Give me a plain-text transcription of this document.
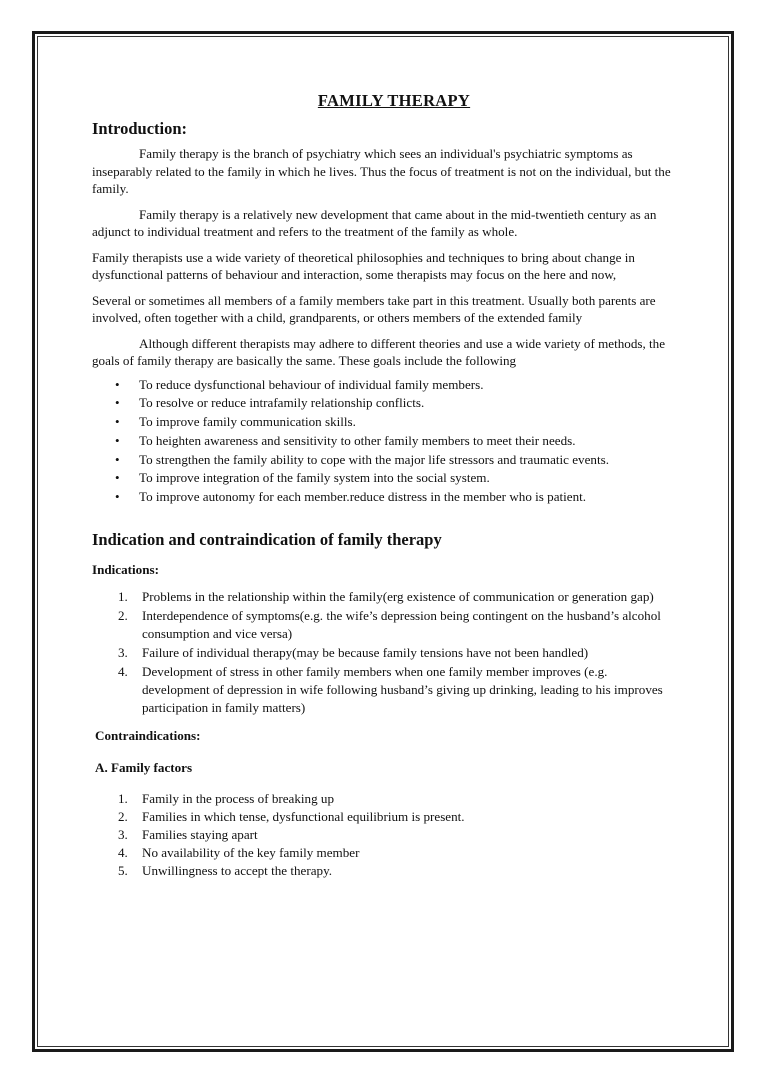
FAMILY THERAPY
Introduction:

Family therapy is the branch of psychiatry which sees an individual's psychiatric symptoms as inseparably related to the family in which he lives. Thus the focus of treatment is not on the individual, but the family.

Family therapy is a relatively new development that came about in the mid-twentieth century as an adjunct to individual treatment and refers to the treatment of the family as whole.

Family therapists use a wide variety of theoretical philosophies and techniques to bring about change in dysfunctional patterns of behaviour and interaction, some therapists may focus on the here and now,

Several or sometimes all members of a family members take part in this treatment. Usually both parents are involved, often together with a child, grandparents, or others members of the extended family

Although different therapists may adhere to different theories and use a wide variety of methods, the goals of family therapy are basically the same. These goals include the following

• To reduce dysfunctional behaviour of individual family members.
• To resolve or reduce intrafamily relationship conflicts.
• To improve family communication skills.
• To heighten awareness and sensitivity to other family members to meet their needs.
• To strengthen the family ability to cope with the major life stressors and traumatic events.
• To improve integration of the family system into the social system.
• To improve autonomy for each member.reduce distress in the member who is patient.
Indication and contraindication of family therapy
Indications:
1. Problems in the relationship within the family(erg existence of communication or generation gap)
2. Interdependence of symptoms(e.g. the wife’s depression being contingent on the husband’s alcohol consumption and vice versa)
3. Failure of individual therapy(may be because family tensions have not been handled)
4. Development of stress in other family members when one family member improves (e.g. development of depression in wife following husband’s giving up drinking, leading to his improves participation in family matters)
Contraindications:
A. Family factors
1. Family in the process of breaking up
2. Families in which tense, dysfunctional equilibrium is present.
3. Families staying apart
4. No availability of the key family member
5. Unwillingness to accept the therapy.
